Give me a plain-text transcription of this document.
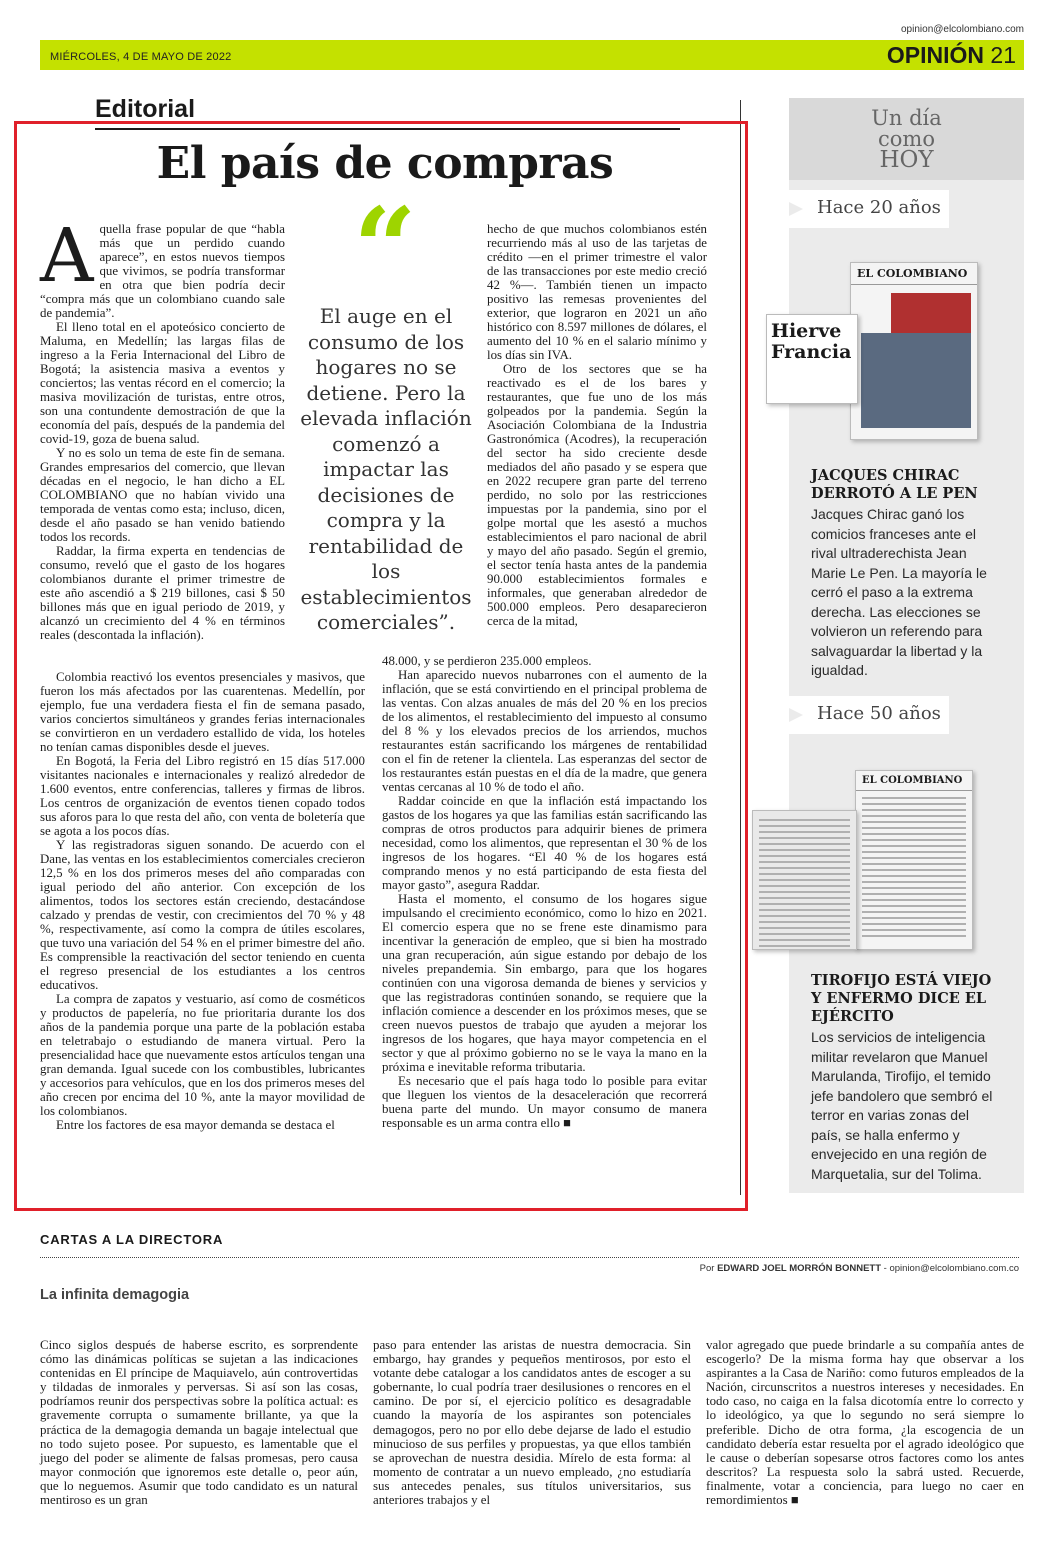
opinion@elcolombiano.com
MIÉRCOLES, 4 DE MAYO DE 2022	OPINIÓN 21
Editorial
El país de compras

Aquella frase popular de que “habla más que un perdido cuando aparece”, en estos nuevos tiempos que vivimos, se podría transformar en otra que bien podría decir “compra más que un colombiano cuando sale de pandemia”.

El lleno total en el apoteósico concierto de Maluma, en Medellín; las largas filas de ingreso a la Feria Internacional del Libro de Bogotá; la asistencia masiva a eventos y conciertos; las ventas récord en el comercio; la masiva movilización de turistas, entre otros, son una contundente demostración de que la economía del país, después de la pandemia del covid-19, goza de buena salud.

Y no es solo un tema de este fin de semana. Grandes empresarios del comercio, que llevan décadas en el negocio, le han dicho a EL COLOMBIANO que no habían vivido una temporada de ventas como esta; incluso, dicen, desde el año pasado se han venido batiendo todos los records.

Raddar, la firma experta en tendencias de consumo, reveló que el gasto de los hogares colombianos durante el primer trimestre de este año ascendió a $ 219 billones, casi $ 50 billones más que en igual periodo de 2019, y alcanzó un crecimiento del 4 % en términos reales (descontada la inflación).

Colombia reactivó los eventos presenciales y masivos, que fueron los más afectados por las cuarentenas. Medellín, por ejemplo, fue una verdadera fiesta el fin de semana pasado, varios conciertos simultáneos y grandes ferias internacionales se convirtieron en un verdadero estallido de vida, los hoteles no tenían camas disponibles desde el jueves.

En Bogotá, la Feria del Libro registró en 15 días 517.000 visitantes nacionales e internacionales y realizó alrededor de 1.600 eventos, entre conferencias, talleres y firmas de libros. Los centros de organización de eventos tienen copado todos sus aforos para lo que resta del año, con venta de boletería que se agota a los pocos días.

Y las registradoras siguen sonando. De acuerdo con el Dane, las ventas en los establecimientos comerciales crecieron 12,5 % en los dos primeros meses del año comparadas con igual periodo del año anterior. Con excepción de los alimentos, todos los sectores están creciendo, destacándose calzado y prendas de vestir, con crecimientos del 70 % y 48 %, respectivamente, así como la compra de útiles escolares, que tuvo una variación del 54 % en el primer bimestre del año. Es comprensible la reactivación del sector teniendo en cuenta el regreso presencial de los estudiantes a los centros educativos.

La compra de zapatos y vestuario, así como de cosméticos y productos de papelería, no fue prioritaria durante los dos años de la pandemia porque una parte de la población estaba en teletrabajo o estudiando de manera virtual. Pero la presencialidad hace que nuevamente estos artículos tengan una gran demanda. Igual sucede con los combustibles, lubricantes y accesorios para vehículos, que en los dos primeros meses del año crecen por encima del 10 %, ante la mayor movilidad de los colombianos.

Entre los factores de esa mayor demanda se destaca el

“
El auge en el consumo de los hogares no se detiene. Pero la elevada inflación comenzó a impactar las decisiones de compra y la rentabilidad de los establecimientos comerciales”.

hecho de que muchos colombianos estén recurriendo más al uso de las tarjetas de crédito —en el primer trimestre el valor de las transacciones por este medio creció 42 %—. También tienen un impacto positivo las remesas provenientes del exterior, que lograron en 2021 un año histórico con 8.597 millones de dólares, el aumento del 10 % en el salario mínimo y los días sin IVA.

Otro de los sectores que se ha reactivado es el de los bares y restaurantes, que fue uno de los más golpeados por la pandemia. Según la Asociación Colombiana de la Industria Gastronómica (Acodres), la recuperación del sector ha sido creciente desde mediados del año pasado y se espera que en 2022 recupere gran parte del terreno perdido, no solo por las restricciones impuestas por la pandemia, sino por el golpe mortal que les asestó a muchos establecimientos el paro nacional de abril y mayo del año pasado. Según el gremio, el sector tenía hasta antes de la pandemia 90.000 establecimientos formales e informales, que generaban alrededor de 500.000 empleos. Pero desaparecieron cerca de la mitad,

48.000, y se perdieron 235.000 empleos.

Han aparecido nuevos nubarrones con el aumento de la inflación, que se está convirtiendo en el principal problema de las ventas. Con alzas anuales de más del 20 % en los precios de los alimentos, el restablecimiento del impuesto al consumo del 8 % y los elevados precios de los arriendos, muchos restaurantes están sacrificando los márgenes de rentabilidad con el fin de retener la clientela. Las esperanzas del sector de los restaurantes están puestas en el día de la madre, que genera ventas cercanas al 10 % de todo el año.

Raddar coincide en que la inflación está impactando los gastos de los hogares ya que las familias están sacrificando las compras de otros productos para adquirir bienes de primera necesidad, como los alimentos, que representan el 30 % de los ingresos de los hogares. “El 40 % de los hogares está comprando menos y no está participando de esta fiesta del mayor gasto”, asegura Raddar.

Hasta el momento, el consumo de los hogares sigue impulsando el crecimiento económico, como lo hizo en 2021. El comercio espera que no se frene este dinamismo para incentivar la generación de empleo, que si bien ha mostrado una gran recuperación, aún sigue estando por debajo de los niveles prepandemia. Sin embargo, para que los hogares continúen con una vigorosa demanda de bienes y servicios y que las registradoras continúen sonando, se requiere que la inflación comience a descender en los próximos meses, que se creen nuevos puestos de trabajo que ayuden a mejorar los ingresos de los hogares, que haya mayor competencia en el sector y que al próximo gobierno no se le vaya la mano en la próxima e inevitable reforma tributaria.

Es necesario que el país haga todo lo posible para evitar que lleguen los vientos de la desaceleración que recorrerá buena parte del mundo. Un mayor consumo de manera responsable es un arma contra ello ■

Un día
como
HOY
Hace 20 años
EL COLOMBIANO
Hierve Francia
JACQUES CHIRAC DERROTÓ A LE PEN
Jacques Chirac ganó los comicios franceses ante el rival ultraderechista Jean Marie Le Pen. La mayoría le cerró el paso a la extrema derecha. Las elecciones se volvieron un referendo para salvaguardar la libertad y la igualdad.
Hace 50 años
EL COLOMBIANO
TIROFIJO ESTÁ VIEJO Y ENFERMO DICE EL EJÉRCITO
Los servicios de inteligencia militar revelaron que Manuel Marulanda, Tirofijo, el temido jefe bandolero que sembró el terror en varias zonas del país, se halla enfermo y envejecido en una región de Marquetalia, sur del Tolima.
CARTAS A LA DIRECTORA
Por EDWARD JOEL MORRÓN BONNETT - opinion@elcolombiano.com.co
La infinita demagogia
Cinco siglos después de haberse escrito, es sorprendente cómo las dinámicas políticas se sujetan a las indicaciones contenidas en El príncipe de Maquiavelo, aún controvertidas y tildadas de inmorales y perversas. Si así son las cosas, podríamos reunir dos perspectivas sobre la política actual: es gravemente corrupta o sumamente brillante, ya que la práctica de la demagogia demanda un bagaje intelectual que no todo sujeto posee. Por supuesto, es lamentable que el juego del poder se alimente de falsas promesas, pero causa mayor conmoción que ignoremos este detalle o, peor aún, que lo neguemos. Asumir que todo candidato es un natural mentiroso es un gran
paso para entender las aristas de nuestra democracia. Sin embargo, hay grandes y pequeños mentirosos, por esto el votante debe catalogar a los candidatos antes de escoger a su gobernante, lo cual podría traer desilusiones o rencores en el camino. De por sí, el ejercicio político es desagradable cuando la mayoría de los aspirantes son potenciales demagogos, pero no por ello debe dejarse de lado el estudio minucioso de sus perfiles y propuestas, ya que ellos también se aprovechan de nuestra desidia. Mírelo de esta forma: al momento de contratar a un nuevo empleado, ¿no estudiaría sus antecedes penales, sus títulos universitarios, sus anteriores trabajos y el
valor agregado que puede brindarle a su compañía antes de escogerlo? De la misma forma hay que observar a los aspirantes a la Casa de Nariño: como futuros empleados de la Nación, circunscritos a nuestros intereses y necesidades. En todo caso, no caiga en la falsa dicotomía entre lo correcto y lo ideológico, ya que lo segundo no será siempre lo preferible. Dicho de otra forma, ¿la escogencia de un candidato debería estar resuelta por el agrado ideológico que le cause o deberían sopesarse otros factores como los antes descritos? La respuesta solo la sabrá usted. Recuerde, finalmente, votar a conciencia, para luego no caer en remordimientos ■
